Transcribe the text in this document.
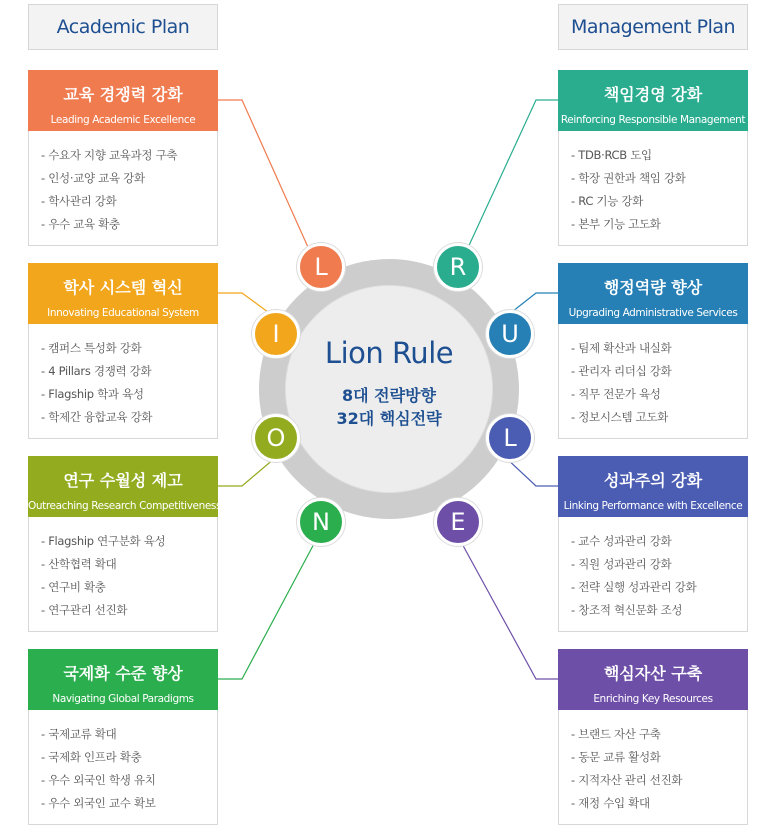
Academic Plan	Management Plan
교육 경쟁력 강화
Leading Academic Excellence
- 수요자 지향 교육과정 구축
- 인성·교양 교육 강화
- 학사관리 강화
- 우수 교육 확충
학사 시스템 혁신
Innovating Educational System
- 캠퍼스 특성화 강화
- 4 Pillars 경쟁력 강화
- Flagship 학과 육성
- 학제간 융합교육 강화
연구 수월성 제고
Outreaching Research Competitiveness
- Flagship 연구분화 육성
- 산학협력 확대
- 연구비 확충
- 연구관리 선진화
국제화 수준 향상
Navigating Global Paradigms
- 국제교류 확대
- 국제화 인프라 확충
- 우수 외국인 학생 유치
- 우수 외국인 교수 확보
책임경영 강화
Reinforcing Responsible Management
- TDB·RCB 도입
- 학장 권한과 책임 강화
- RC 기능 강화
- 본부 기능 고도화
행정역량 향상
Upgrading Administrative Services
- 팀제 확산과 내실화
- 관리자 리더십 강화
- 직무 전문가 육성
- 정보시스템 고도화
성과주의 강화
Linking Performance with Excellence
- 교수 성과관리 강화
- 직원 성과관리 강화
- 전략 실행 성과관리 강화
- 창조적 혁신문화 조성
핵심자산 구축
Enriching Key Resources
- 브랜드 자산 구축
- 동문 교류 활성화
- 지적자산 관리 선진화
- 재정 수입 확대
Lion Rule
8대 전략방향
32대 핵심전략
L	R
I	U
O	L
N	E
